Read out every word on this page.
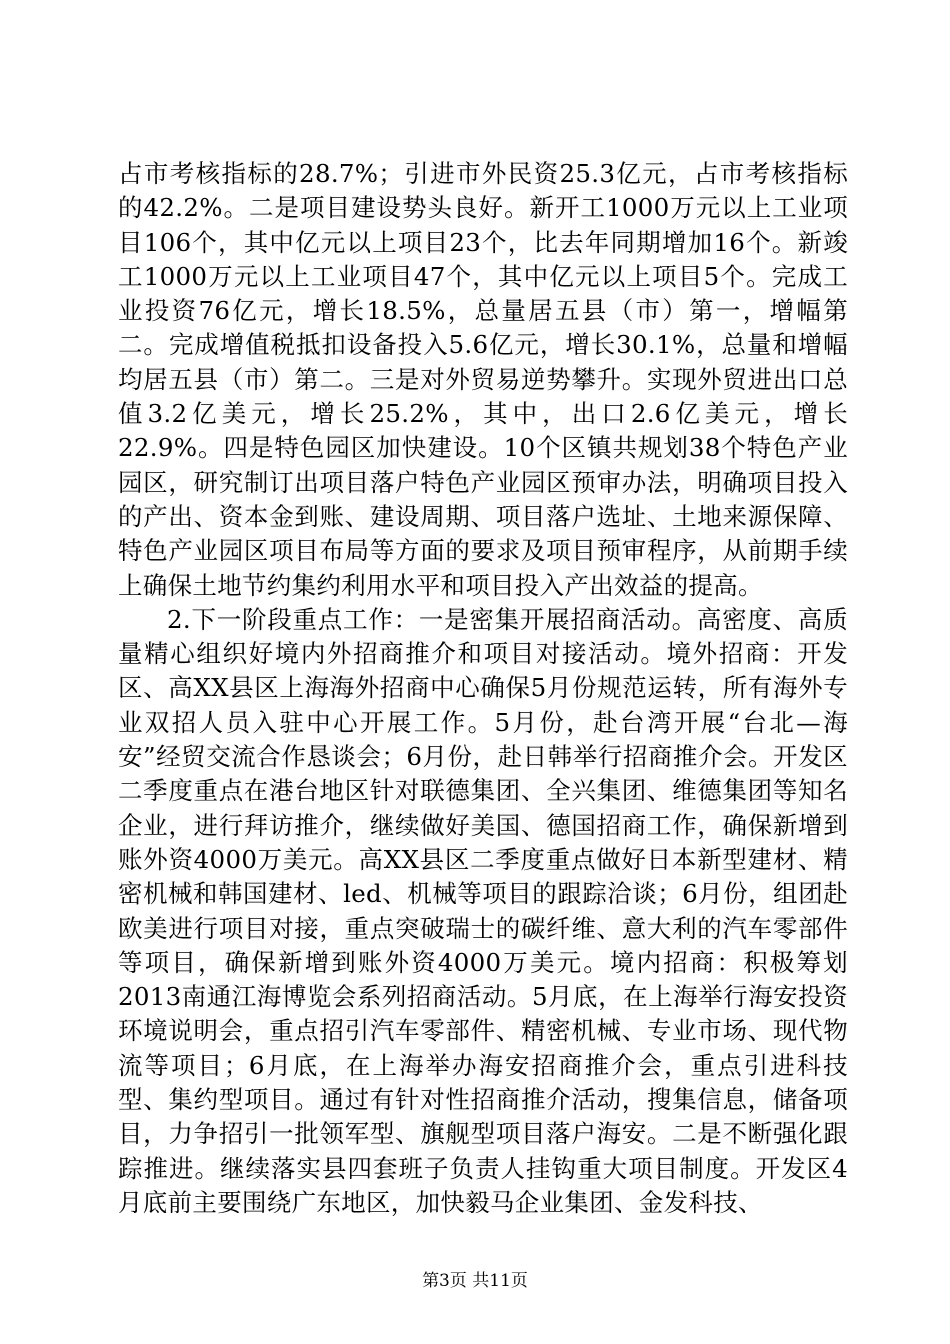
占市考核指标的28.7%；引进市外民资25.3亿元，占市考核指标的42.2%。二是项目建设势头良好。新开工1000万元以上工业项目106个，其中亿元以上项目23个，比去年同期增加16个。新竣工1000万元以上工业项目47个，其中亿元以上项目5个。完成工业投资76亿元，增长18.5%，总量居五县（市）第一，增幅第二。完成增值税抵扣设备投入5.6亿元，增长30.1%，总量和增幅均居五县（市）第二。三是对外贸易逆势攀升。实现外贸进出口总值3.2亿美元，增长25.2%，其中，出口2.6亿美元，增长22.9%。四是特色园区加快建设。10个区镇共规划38个特色产业园区，研究制订出项目落户特色产业园区预审办法，明确项目投入的产出、资本金到账、建设周期、项目落户选址、土地来源保障、特色产业园区项目布局等方面的要求及项目预审程序，从前期手续上确保土地节约集约利用水平和项目投入产出效益的提高。

2.下一阶段重点工作：一是密集开展招商活动。高密度、高质量精心组织好境内外招商推介和项目对接活动。境外招商：开发区、高XX县区上海海外招商中心确保5月份规范运转，所有海外专业双招人员入驻中心开展工作。5月份，赴台湾开展“台北—海安”经贸交流合作恳谈会；6月份，赴日韩举行招商推介会。开发区二季度重点在港台地区针对联德集团、全兴集团、维德集团等知名企业，进行拜访推介，继续做好美国、德国招商工作，确保新增到账外资4000万美元。高XX县区二季度重点做好日本新型建材、精密机械和韩国建材、led、机械等项目的跟踪洽谈；6月份，组团赴欧美进行项目对接，重点突破瑞士的碳纤维、意大利的汽车零部件等项目，确保新增到账外资4000万美元。境内招商：积极筹划2013南通江海博览会系列招商活动。5月底，在上海举行海安投资环境说明会，重点招引汽车零部件、精密机械、专业市场、现代物流等项目；6月底，在上海举办海安招商推介会，重点引进科技型、集约型项目。通过有针对性招商推介活动，搜集信息，储备项目，力争招引一批领军型、旗舰型项目落户海安。二是不断强化跟踪推进。继续落实县四套班子负责人挂钩重大项目制度。开发区4月底前主要围绕广东地区，加快毅马企业集团、金发科技、

第3页 共11页
